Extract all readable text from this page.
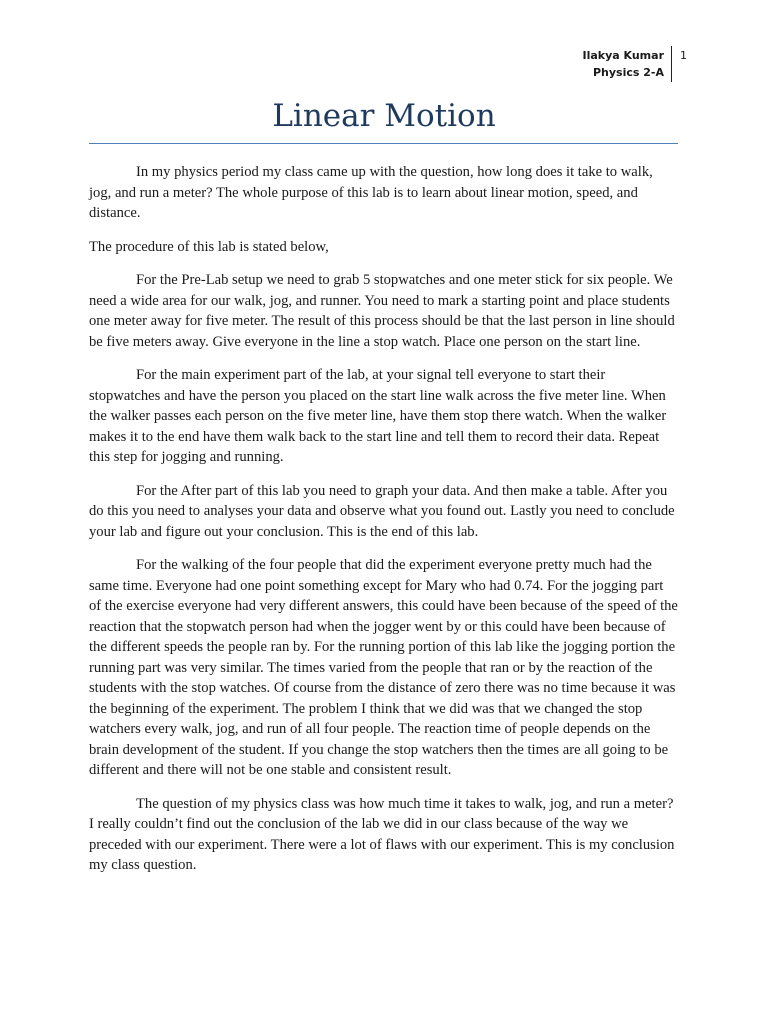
Ilakya Kumar
Physics 2-A
1
Linear Motion

In my physics period my class came up with the question, how long does it take to walk, jog, and run a meter? The whole purpose of this lab is to learn about linear motion, speed, and distance.

The procedure of this lab is stated below,

For the Pre-Lab setup we need to grab 5 stopwatches and one meter stick for six people. We need a wide area for our walk, jog, and runner. You need to mark a starting point and place students one meter away for five meter. The result of this process should be that the last person in line should be five meters away. Give everyone in the line a stop watch. Place one person on the start line.

For the main experiment part of the lab, at your signal tell everyone to start their stopwatches and have the person you placed on the start line walk across the five meter line. When the walker passes each person on the five meter line, have them stop there watch. When the walker makes it to the end have them walk back to the start line and tell them to record their data. Repeat this step for jogging and running.

For the After part of this lab you need to graph your data. And then make a table. After you do this you need to analyses your data and observe what you found out. Lastly you need to conclude your lab and figure out your conclusion. This is the end of this lab.

For the walking of the four people that did the experiment everyone pretty much had the same time. Everyone had one point something except for Mary who had 0.74. For the jogging part of the exercise everyone had very different answers, this could have been because of the speed of the reaction that the stopwatch person had when the jogger went by or this could have been because of the different speeds the people ran by. For the running portion of this lab like the jogging portion the running part was very similar. The times varied from the people that ran or by the reaction of the students with the stop watches. Of course from the distance of zero there was no time because it was the beginning of the experiment. The problem I think that we did was that we changed the stop watchers every walk, jog, and run of all four people. The reaction time of people depends on the brain development of the student. If you change the stop watchers then the times are all going to be different and there will not be one stable and consistent result.

The question of my physics class was how much time it takes to walk, jog, and run a meter? I really couldn’t find out the conclusion of the lab we did in our class because of the way we preceded with our experiment. There were a lot of flaws with our experiment. This is my conclusion my class question.
